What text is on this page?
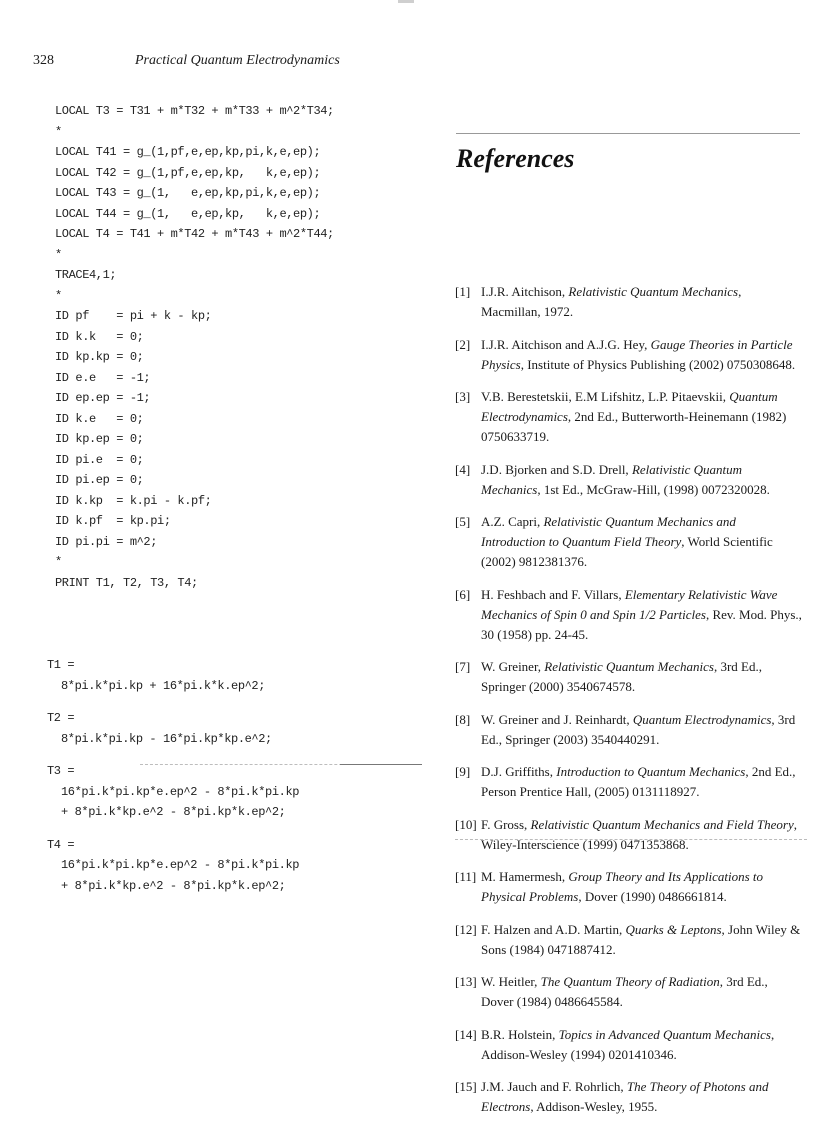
328	Practical Quantum Electrodynamics
LOCAL T3 = T31 + m*T32 + m*T33 + m^2*T34;
*
LOCAL T41 = g_(1,pf,e,ep,kp,pi,k,e,ep);
LOCAL T42 = g_(1,pf,e,ep,kp,   k,e,ep);
LOCAL T43 = g_(1,   e,ep,kp,pi,k,e,ep);
LOCAL T44 = g_(1,   e,ep,kp,   k,e,ep);
LOCAL T4 = T41 + m*T42 + m*T43 + m^2*T44;
*
TRACE4,1;
*
ID pf    = pi + k - kp;
ID k.k   = 0;
ID kp.kp = 0;
ID e.e   = -1;
ID ep.ep = -1;
ID k.e   = 0;
ID kp.ep = 0;
ID pi.e  = 0;
ID pi.ep = 0;
ID k.kp  = k.pi - k.pf;
ID k.pf  = kp.pi;
ID pi.pi = m^2;
*
PRINT T1, T2, T3, T4;
T1 =
8*pi.k*pi.kp + 16*pi.k*k.ep^2;
T2 =
8*pi.k*pi.kp - 16*pi.kp*kp.e^2;
T3 =
16*pi.k*pi.kp*e.ep^2 - 8*pi.k*pi.kp
+ 8*pi.k*kp.e^2 - 8*pi.kp*k.ep^2;
T4 =
16*pi.k*pi.kp*e.ep^2 - 8*pi.k*pi.kp
+ 8*pi.k*kp.e^2 - 8*pi.kp*k.ep^2;
References
[1] I.J.R. Aitchison, Relativistic Quantum Mechanics, Macmillan, 1972.
[2] I.J.R. Aitchison and A.J.G. Hey, Gauge Theories in Particle Physics, Institute of Physics Publishing (2002) 0750308648.
[3] V.B. Berestetskii, E.M Lifshitz, L.P. Pitaevskii, Quantum Electrodynamics, 2nd Ed., Butterworth-Heinemann (1982) 0750633719.
[4] J.D. Bjorken and S.D. Drell, Relativistic Quantum Mechanics, 1st Ed., McGraw-Hill, (1998) 0072320028.
[5] A.Z. Capri, Relativistic Quantum Mechanics and Introduction to Quantum Field Theory, World Scientific (2002) 9812381376.
[6] H. Feshbach and F. Villars, Elementary Relativistic Wave Mechanics of Spin 0 and Spin 1/2 Particles, Rev. Mod. Phys., 30 (1958) pp. 24-45.
[7] W. Greiner, Relativistic Quantum Mechanics, 3rd Ed., Springer (2000) 3540674578.
[8] W. Greiner and J. Reinhardt, Quantum Electrodynamics, 3rd Ed., Springer (2003) 3540440291.
[9] D.J. Griffiths, Introduction to Quantum Mechanics, 2nd Ed., Person Prentice Hall, (2005) 0131118927.
[10] F. Gross, Relativistic Quantum Mechanics and Field Theory, Wiley-Interscience (1999) 0471353868.
[11] M. Hamermesh, Group Theory and Its Applications to Physical Problems, Dover (1990) 0486661814.
[12] F. Halzen and A.D. Martin, Quarks & Leptons, John Wiley & Sons (1984) 0471887412.
[13] W. Heitler, The Quantum Theory of Radiation, 3rd Ed., Dover (1984) 0486645584.
[14] B.R. Holstein, Topics in Advanced Quantum Mechanics, Addison-Wesley (1994) 0201410346.
[15] J.M. Jauch and F. Rohrlich, The Theory of Photons and Electrons, Addison-Wesley, 1955.
